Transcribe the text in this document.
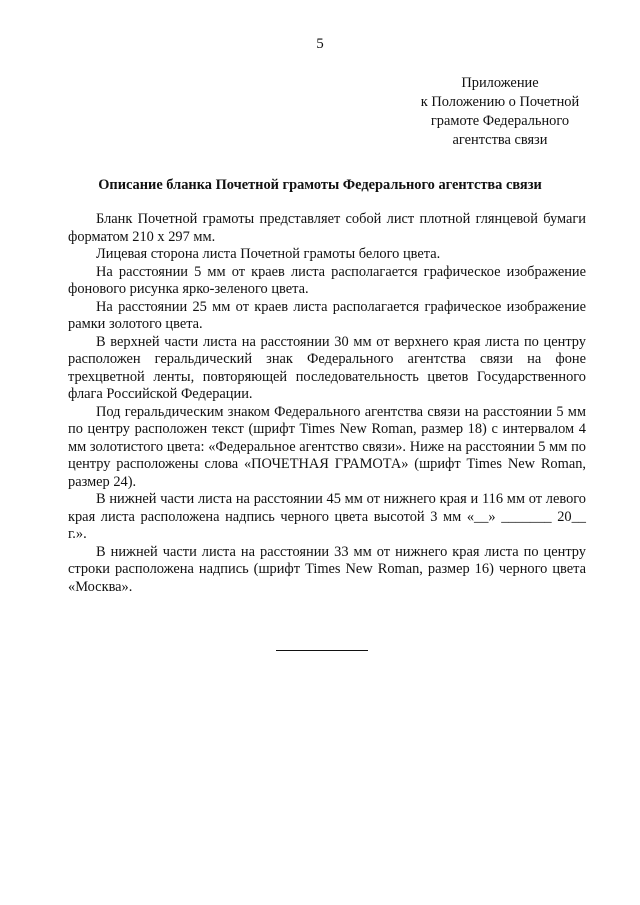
5
Приложение
к Положению о Почетной
грамоте Федерального
агентства связи
Описание бланка Почетной грамоты Федерального агентства связи

Бланк Почетной грамоты представляет собой лист плотной глянцевой бумаги форматом 210 х 297 мм.

Лицевая сторона листа Почетной грамоты белого цвета.

На расстоянии 5 мм от краев листа располагается графическое изображение фонового рисунка ярко-зеленого цвета.

На расстоянии 25 мм от краев листа располагается графическое изображение рамки золотого цвета.

В верхней части листа на расстоянии 30 мм от верхнего края листа по центру расположен геральдический знак Федерального агентства связи на фоне трехцветной ленты, повторяющей последовательность цветов Государственного флага Российской Федерации.

Под геральдическим знаком Федерального агентства связи на расстоянии 5 мм по центру расположен текст (шрифт Times New Roman, размер 18) с интервалом 4 мм золотистого цвета: «Федеральное агентство связи». Ниже на расстоянии 5 мм по центру расположены слова «ПОЧЕТНАЯ ГРАМОТА» (шрифт Times New Roman, размер 24).

В нижней части листа на расстоянии 45 мм от нижнего края и 116 мм от левого края листа расположена надпись черного цвета высотой 3 мм «__» _______ 20__ г.».

В нижней части листа на расстоянии 33 мм от нижнего края листа по центру строки расположена надпись (шрифт Times New Roman, размер 16) черного цвета «Москва».
